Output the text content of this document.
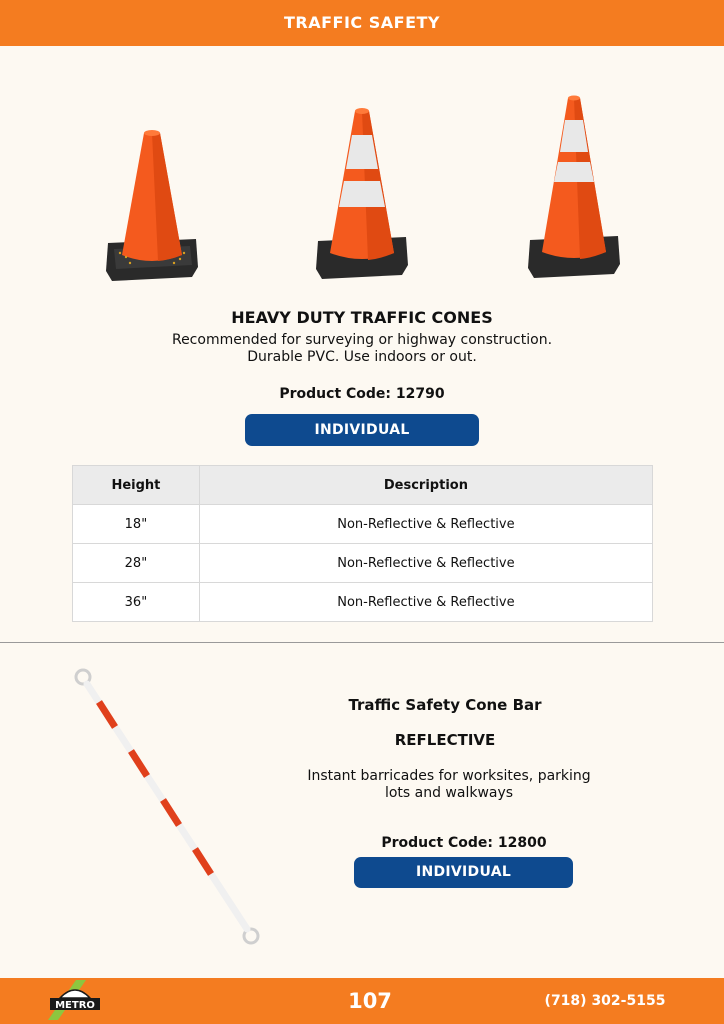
TRAFFIC SAFETY
HEAVY DUTY TRAFFIC CONES
Recommended for surveying or highway construction.
Durable PVC. Use indoors or out.
Product Code: 12790
INDIVIDUAL
Height	Description
18"	Non-Reflective & Reflective
28"	Non-Reflective & Reflective
36"	Non-Reflective & Reflective
Traffic Safety Cone Bar
REFLECTIVE
Instant barricades for worksites, parking
lots and walkways
Product Code: 12800
INDIVIDUAL
METRO	107	(718) 302-5155
